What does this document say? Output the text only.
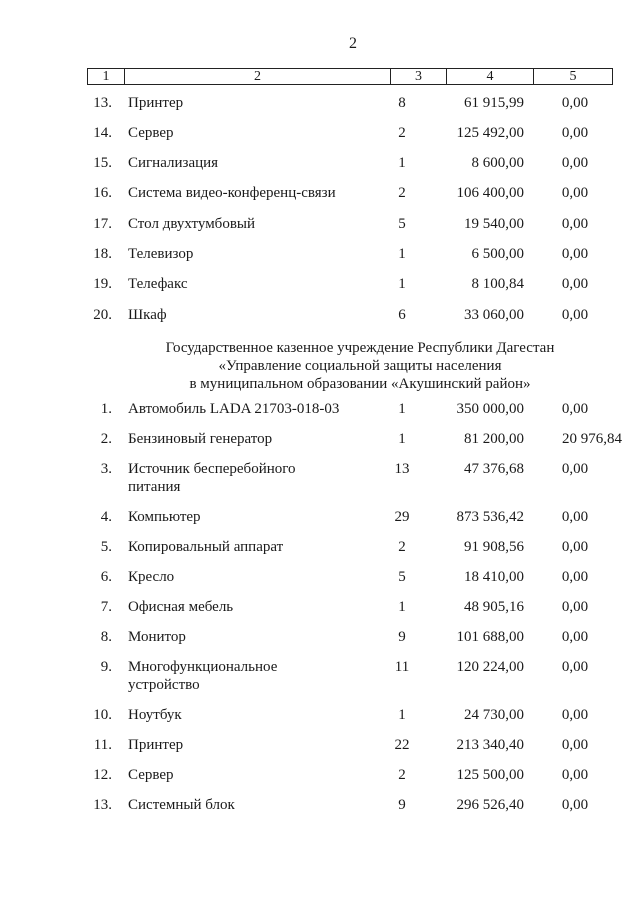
2
1	2	3	4	5
13. Принтер	8	61 915,99	0,00
14. Сервер	2	125 492,00	0,00
15. Сигнализация	1	8 600,00	0,00
16. Система видео-конференц-связи	2	106 400,00	0,00
17. Стол двухтумбовый	5	19 540,00	0,00
18. Телевизор	1	6 500,00	0,00
19. Телефакс	1	8 100,84	0,00
20. Шкаф	6	33 060,00	0,00
Государственное казенное учреждение Республики Дагестан
«Управление социальной защиты населения
в муниципальном образовании «Акушинский район»
1. Автомобиль LADA 21703-018-03	1	350 000,00	0,00
2. Бензиновый генератор	1	81 200,00	20 976,84
3. Источник бесперебойного
питания
13	47 376,68	0,00
4. Компьютер	29	873 536,42	0,00
5. Копировальный аппарат	2	91 908,56	0,00
6. Кресло	5	18 410,00	0,00
7. Офисная мебель	1	48 905,16	0,00
8. Монитор	9	101 688,00	0,00
9. Многофункциональное
устройство
11	120 224,00	0,00
10. Ноутбук	1	24 730,00	0,00
11. Принтер	22	213 340,40	0,00
12. Сервер	2	125 500,00	0,00
13. Системный блок	9	296 526,40	0,00
